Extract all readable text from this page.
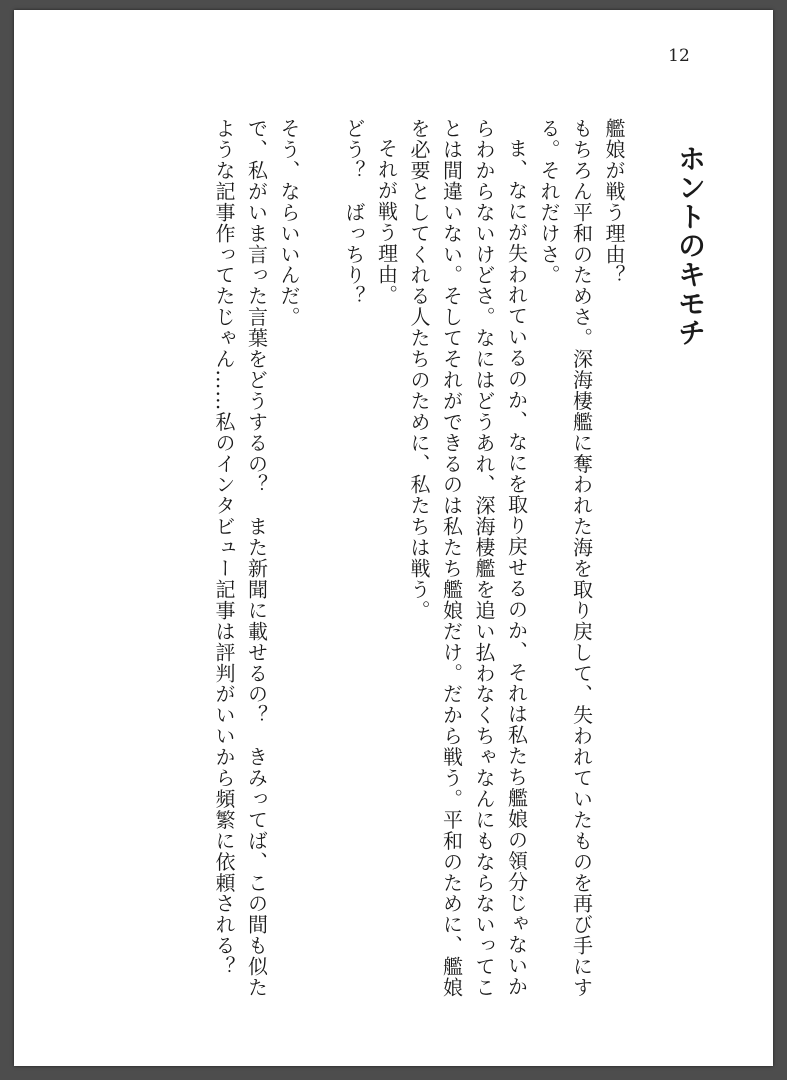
12
ホントのキモチ

艦娘が戦う理由？

もちろん平和のためさ。深海棲艦に奪われた海を取り戻して、失われていたものを再び手にする。それだけさ。

ま、なにが失われているのか、なにを取り戻せるのか、それは私たち艦娘の領分じゃないからわからないけどさ。なにはどうあれ、深海棲艦を追い払わなくちゃなんにもならないってことは間違いない。そしてそれができるのは私たち艦娘だけ。だから戦う。平和のために、艦娘を必要としてくれる人たちのために、私たちは戦う。

それが戦う理由。

どう？　ばっちり？

そう、ならいいんだ。

で、私がいま言った言葉をどうするの？　また新聞に載せるの？　きみってば、この間も似たような記事作ってたじゃん……私のインタビュー記事は評判がいいから頻繁に依頼される？
